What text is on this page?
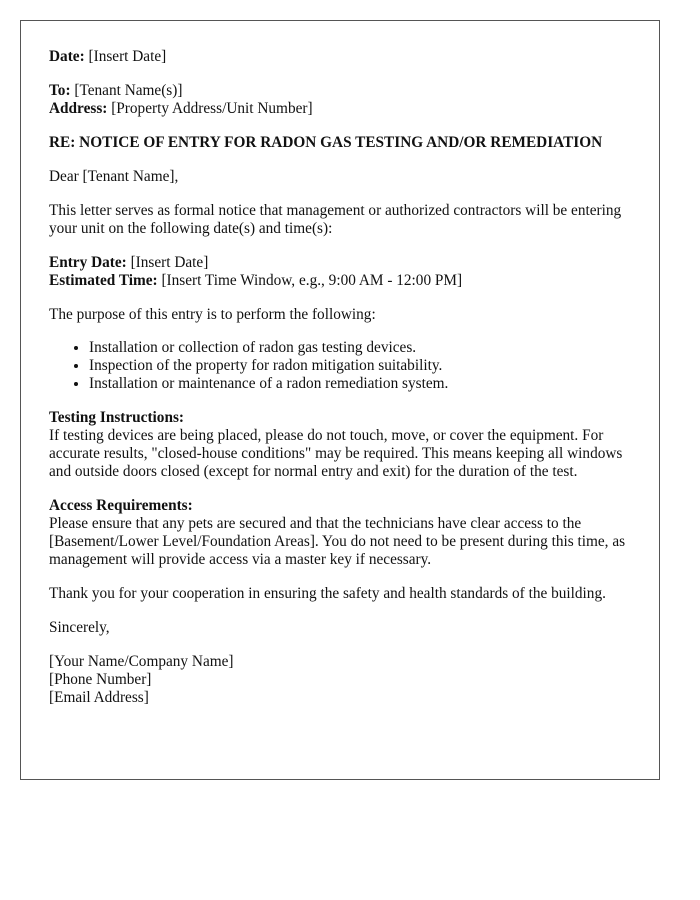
Date: [Insert Date]

To: [Tenant Name(s)]

Address: [Property Address/Unit Number]

RE: NOTICE OF ENTRY FOR RADON GAS TESTING AND/OR REMEDIATION

Dear [Tenant Name],

This letter serves as formal notice that management or authorized contractors will be entering your unit on the following date(s) and time(s):

Entry Date: [Insert Date]

Estimated Time: [Insert Time Window, e.g., 9:00 AM - 12:00 PM]

The purpose of this entry is to perform the following:

• Installation or collection of radon gas testing devices.
• Inspection of the property for radon mitigation suitability.
• Installation or maintenance of a radon remediation system.

Testing Instructions:

If testing devices are being placed, please do not touch, move, or cover the equipment. For accurate results, "closed-house conditions" may be required. This means keeping all windows and outside doors closed (except for normal entry and exit) for the duration of the test.

Access Requirements:

Please ensure that any pets are secured and that the technicians have clear access to the [Basement/Lower Level/Foundation Areas]. You do not need to be present during this time, as management will provide access via a master key if necessary.

Thank you for your cooperation in ensuring the safety and health standards of the building.

Sincerely,

[Your Name/Company Name]

[Phone Number]

[Email Address]
